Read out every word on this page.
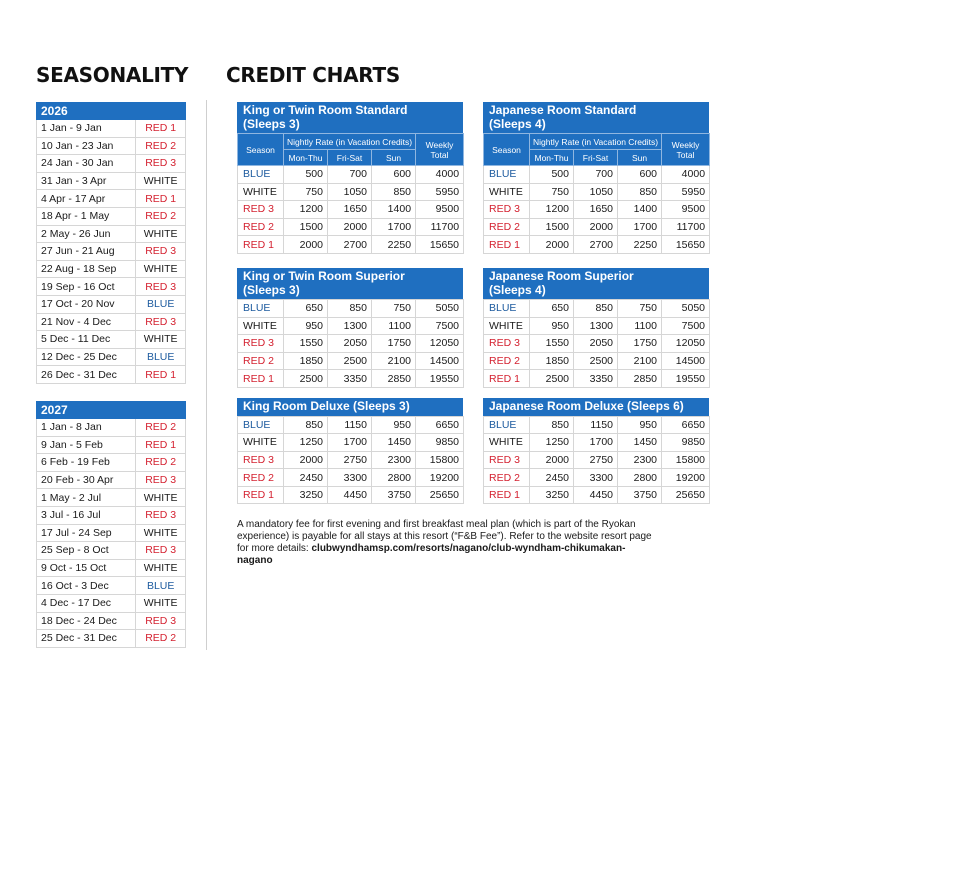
SEASONALITY CREDIT CHARTS
2026	
1 Jan - 9 Jan	RED 1
10 Jan - 23 Jan	RED 2
24 Jan - 30 Jan	RED 3
31 Jan - 3 Apr	WHITE
4 Apr - 17 Apr	RED 1
18 Apr - 1 May	RED 2
2 May - 26 Jun	WHITE
27 Jun - 21 Aug	RED 3
22 Aug - 18 Sep	WHITE
19 Sep - 16 Oct	RED 3
17 Oct - 20 Nov	BLUE
21 Nov - 4 Dec	RED 3
5 Dec - 11 Dec	WHITE
12 Dec - 25 Dec	BLUE
26 Dec - 31 Dec	RED 1
2027	
1 Jan - 8 Jan	RED 2
9 Jan - 5 Feb	RED 1
6 Feb - 19 Feb	RED 2
20 Feb - 30 Apr	RED 3
1 May - 2 Jul	WHITE
3 Jul - 16 Jul	RED 3
17 Jul - 24 Sep	WHITE
25 Sep - 8 Oct	RED 3
9 Oct - 15 Oct	WHITE
16 Oct - 3 Dec	BLUE
4 Dec - 17 Dec	WHITE
18 Dec - 24 Dec	RED 3
25 Dec - 31 Dec	RED 2
King or Twin Room Standard
(Sleeps 3)
Season	Nightly Rate (in Vacation Credits)			Weekly Total
	Mon-Thu	Fri-Sat	Sun	
BLUE	500	700	600	4000
WHITE	750	1050	850	5950
RED 3	1200	1650	1400	9500
RED 2	1500	2000	1700	11700
RED 1	2000	2700	2250	15650
Japanese Room Standard
(Sleeps 4)
Season	Nightly Rate (in Vacation Credits)			Weekly Total
	Mon-Thu	Fri-Sat	Sun	
BLUE	500	700	600	4000
WHITE	750	1050	850	5950
RED 3	1200	1650	1400	9500
RED 2	1500	2000	1700	11700
RED 1	2000	2700	2250	15650
King or Twin Room Superior
(Sleeps 3)
BLUE	650	850	750	5050
WHITE	950	1300	1100	7500
RED 3	1550	2050	1750	12050
RED 2	1850	2500	2100	14500
RED 1	2500	3350	2850	19550
Japanese Room Superior
(Sleeps 4)
BLUE	650	850	750	5050
WHITE	950	1300	1100	7500
RED 3	1550	2050	1750	12050
RED 2	1850	2500	2100	14500
RED 1	2500	3350	2850	19550
King Room Deluxe (Sleeps 3)
BLUE	850	1150	950	6650
WHITE	1250	1700	1450	9850
RED 3	2000	2750	2300	15800
RED 2	2450	3300	2800	19200
RED 1	3250	4450	3750	25650
Japanese Room Deluxe (Sleeps 6)
BLUE	850	1150	950	6650
WHITE	1250	1700	1450	9850
RED 3	2000	2750	2300	15800
RED 2	2450	3300	2800	19200
RED 1	3250	4450	3750	25650
A mandatory fee for first evening and first breakfast meal plan (which is part of the Ryokan experience) is payable for all stays at this resort (“F&B Fee”). Refer to the website resort page for more details: clubwyndhamsp.com/resorts/nagano/club-wyndham-chikumakan-nagano
